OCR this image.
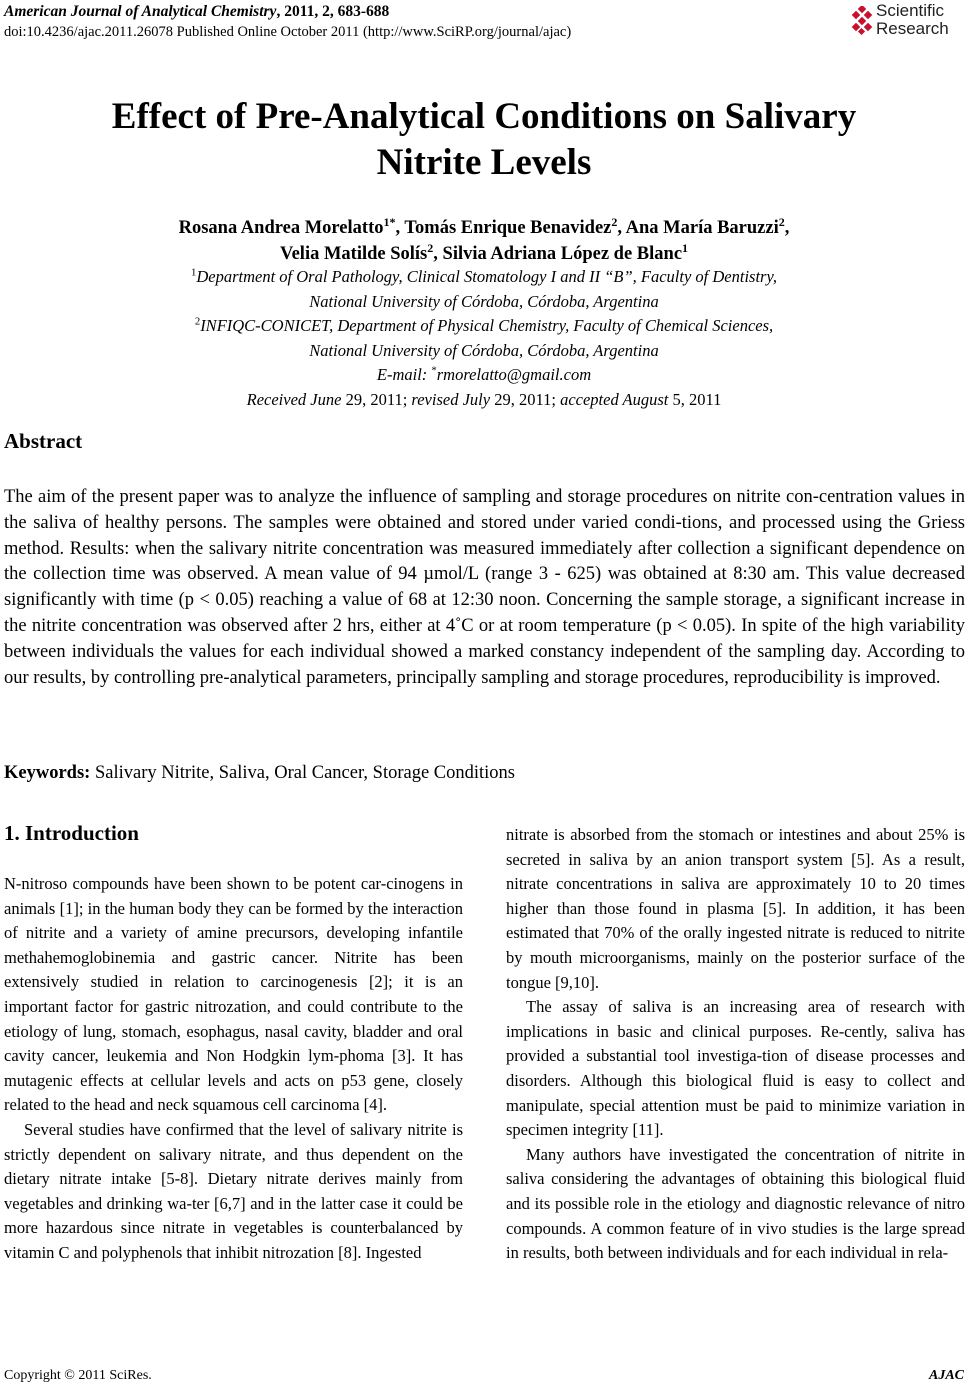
American Journal of Analytical Chemistry, 2011, 2, 683-688
doi:10.4236/ajac.2011.26078 Published Online October 2011 (http://www.SciRP.org/journal/ajac)
Scientific
Research
Effect of Pre-Analytical Conditions on Salivary
Nitrite Levels
Rosana Andrea Morelatto$^{1*}$, Tomás Enrique Benavidez$^2$, Ana María Baruzzi$^2$,
Velia Matilde Solís$^2$, Silvia Adriana López de Blanc$^1$
$^1$Department of Oral Pathology, Clinical Stomatology I and II “B”, Faculty of Dentistry,
National University of Córdoba, Córdoba, Argentina
$^2$INFIQC-CONICET, Department of Physical Chemistry, Faculty of Chemical Sciences,
National University of Córdoba, Córdoba, Argentina
E-mail: *rmorelatto@gmail.com
Received June 29, 2011; revised July 29, 2011; accepted August 5, 2011
Abstract
The aim of the present paper was to analyze the influence of sampling and storage procedures on nitrite con-centration values in the saliva of healthy persons. The samples were obtained and stored under varied condi-tions, and processed using the Griess method. Results: when the salivary nitrite concentration was measured immediately after collection a significant dependence on the collection time was observed. A mean value of 94 µmol/L (range 3 - 625) was obtained at 8:30 am. This value decreased significantly with time (p < 0.05) reaching a value of 68 at 12:30 noon. Concerning the sample storage, a significant increase in the nitrite concentration was observed after 2 hrs, either at 4˚C or at room temperature (p < 0.05). In spite of the high variability between individuals the values for each individual showed a marked constancy independent of the sampling day. According to our results, by controlling pre-analytical parameters, principally sampling and storage procedures, reproducibility is improved.
Keywords: Salivary Nitrite, Saliva, Oral Cancer, Storage Conditions
1. Introduction

N-nitroso compounds have been shown to be potent car-cinogens in animals [1]; in the human body they can be formed by the interaction of nitrite and a variety of amine precursors, developing infantile methahemoglobinemia and gastric cancer. Nitrite has been extensively studied in relation to carcinogenesis [2]; it is an important factor for gastric nitrozation, and could contribute to the etiology of lung, stomach, esophagus, nasal cavity, bladder and oral cavity cancer, leukemia and Non Hodgkin lym-phoma [3]. It has mutagenic effects at cellular levels and acts on p53 gene, closely related to the head and neck squamous cell carcinoma [4].

Several studies have confirmed that the level of salivary nitrite is strictly dependent on salivary nitrate, and thus dependent on the dietary nitrate intake [5-8]. Dietary nitrate derives mainly from vegetables and drinking wa-ter [6,7] and in the latter case it could be more hazardous since nitrate in vegetables is counterbalanced by vitamin C and polyphenols that inhibit nitrozation [8]. Ingested

nitrate is absorbed from the stomach or intestines and about 25% is secreted in saliva by an anion transport system [5]. As a result, nitrate concentrations in saliva are approximately 10 to 20 times higher than those found in plasma [5]. In addition, it has been estimated that 70% of the orally ingested nitrate is reduced to nitrite by mouth microorganisms, mainly on the posterior surface of the tongue [9,10].

The assay of saliva is an increasing area of research with implications in basic and clinical purposes. Re-cently, saliva has provided a substantial tool investiga-tion of disease processes and disorders. Although this biological fluid is easy to collect and manipulate, special attention must be paid to minimize variation in specimen integrity [11].

Many authors have investigated the concentration of nitrite in saliva considering the advantages of obtaining this biological fluid and its possible role in the etiology and diagnostic relevance of nitro compounds. A common feature of in vivo studies is the large spread in results, both between individuals and for each individual in rela-

Copyright © 2011 SciRes.	AJAC
